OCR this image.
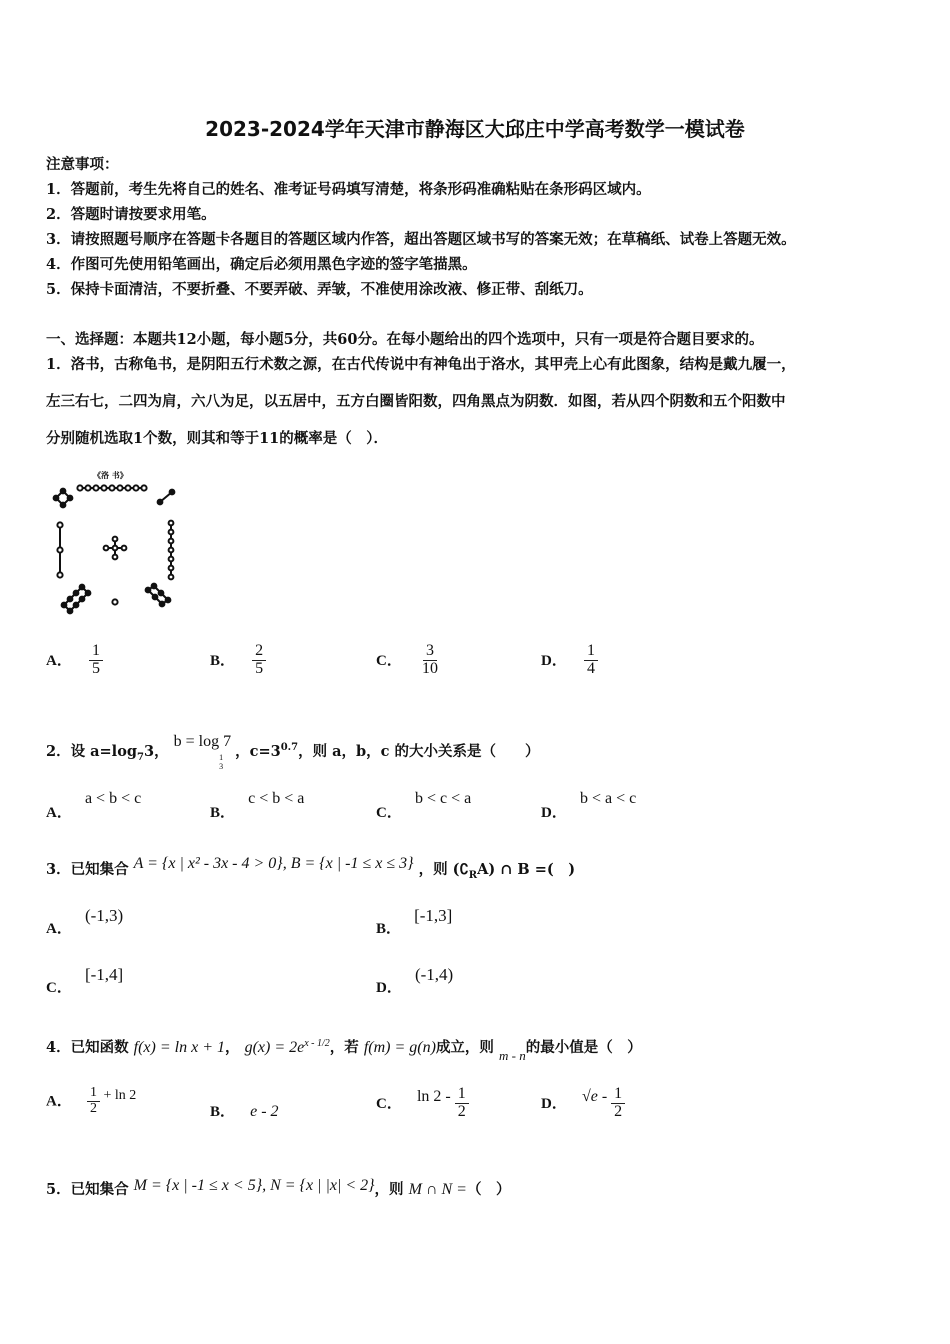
2023-2024学年天津市静海区大邱庄中学高考数学一模试卷
注意事项：
1．答题前，考生先将自己的姓名、准考证号码填写清楚，将条形码准确粘贴在条形码区域内。
2．答题时请按要求用笔。
3．请按照题号顺序在答题卡各题目的答题区域内作答，超出答题区域书写的答案无效；在草稿纸、试卷上答题无效。
4．作图可先使用铅笔画出，确定后必须用黑色字迹的签字笔描黑。
5．保持卡面清洁，不要折叠、不要弄破、弄皱，不准使用涂改液、修正带、刮纸刀。
一、选择题：本题共12小题，每小题5分，共60分。在每小题给出的四个选项中，只有一项是符合题目要求的。
1．洛书，古称龟书，是阴阳五行术数之源，在古代传说中有神龟出于洛水，其甲壳上心有此图象，结构是戴九履一，
左三右七，二四为肩，六八为足，以五居中，五方白圈皆阳数，四角黑点为阴数．如图，若从四个阴数和五个阳数中
分别随机选取1个数，则其和等于11的概率是（　）．
《洛 书》
A． $\frac{1}{5}$	B． $\frac{2}{5}$	C． $\frac{3}{10}$	D． $\frac{1}{4}$
2．设 $a=\log_73$， b = log
1
3
7 ，$c=3^{0.7}$，则 a，b，c 的大小关系是（　　）
A． a < b < c
B． c < b < a
C． b < c < a
D． b < a < c
3．已知集合 A = {x | x² - 3x - 4 > 0}, B = {x | -1 ≤ x ≤ 3} ，则 $(∁_RA)$ ∩ B =(　)
A． (-1,3)
B． [-1,3]
C． [-1,4]
D． (-1,4)
4．已知函数 f(x) = ln x + 1， $g(x) = 2e^{x - 1/2}$，若 f(m) = g(n)成立，则 m - n的最小值是（　）
A． $\frac{1}{2} + \ln 2$
B． e - 2	C． $\ln 2 - \frac{1}{2}$	D． $√e - \frac{1}{2}$
5．已知集合 M = {x | -1 ≤ x < 5}, N = {x | |x| < 2}，则 M ∩ N =（　）
